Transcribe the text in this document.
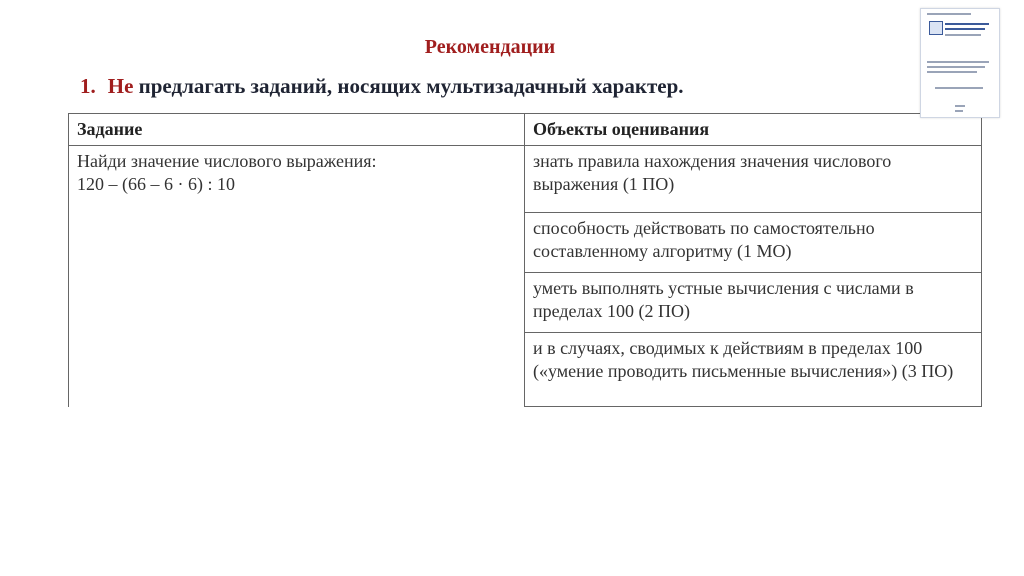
Рекомендации
1. Не предлагать заданий, носящих мультизадачный характер.
Задание	Объекты оценивания

Найди значение числового выражения:
120 – (66 – 6 · 6) : 10	знать правила нахождения значения числового выражения (1 ПО)
	способность действовать по самостоятельно составленному алгоритму (1 МО)
	уметь выполнять устные вычисления с числами в пределах 100 (2 ПО)
	и в случаях, сводимых к действиям в пределах 100 («умение проводить письменные вычисления») (3 ПО)
